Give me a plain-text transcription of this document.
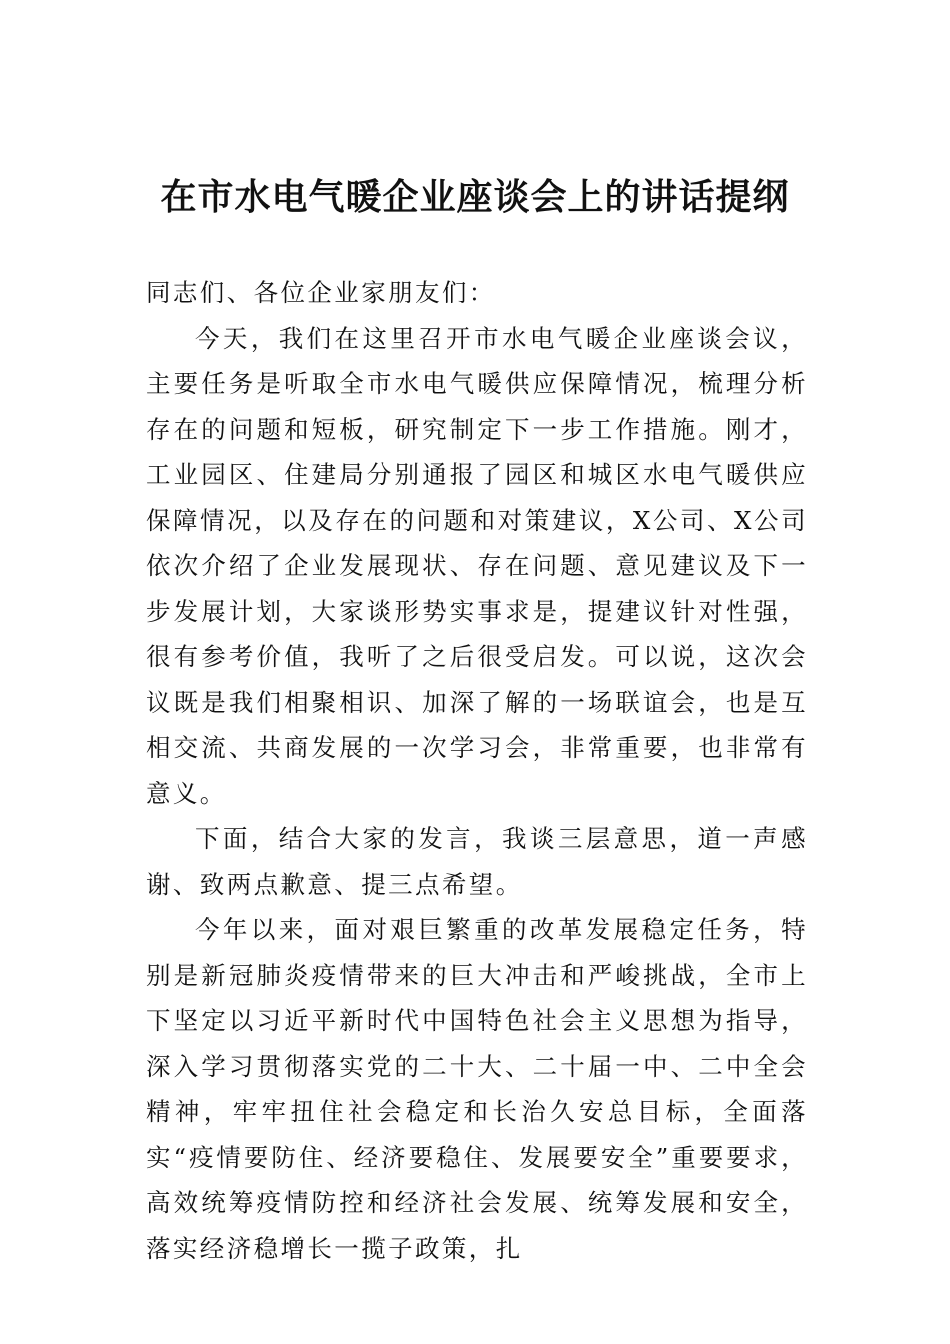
在市水电气暖企业座谈会上的讲话提纲

同志们、各位企业家朋友们：

今天，我们在这里召开市水电气暖企业座谈会议，主要任务是听取全市水电气暖供应保障情况，梳理分析存在的问题和短板，研究制定下一步工作措施。刚才，工业园区、住建局分别通报了园区和城区水电气暖供应保障情况，以及存在的问题和对策建议，X公司、X公司依次介绍了企业发展现状、存在问题、意见建议及下一步发展计划，大家谈形势实事求是，提建议针对性强，很有参考价值，我听了之后很受启发。可以说，这次会议既是我们相聚相识、加深了解的一场联谊会，也是互相交流、共商发展的一次学习会，非常重要，也非常有意义。

下面，结合大家的发言，我谈三层意思，道一声感谢、致两点歉意、提三点希望。

今年以来，面对艰巨繁重的改革发展稳定任务，特别是新冠肺炎疫情带来的巨大冲击和严峻挑战，全市上下坚定以习近平新时代中国特色社会主义思想为指导，深入学习贯彻落实党的二十大、二十届一中、二中全会精神，牢牢扭住社会稳定和长治久安总目标，全面落实“疫情要防住、经济要稳住、发展要安全”重要要求，高效统筹疫情防控和经济社会发展、统筹发展和安全，落实经济稳增长一揽子政策，扎
